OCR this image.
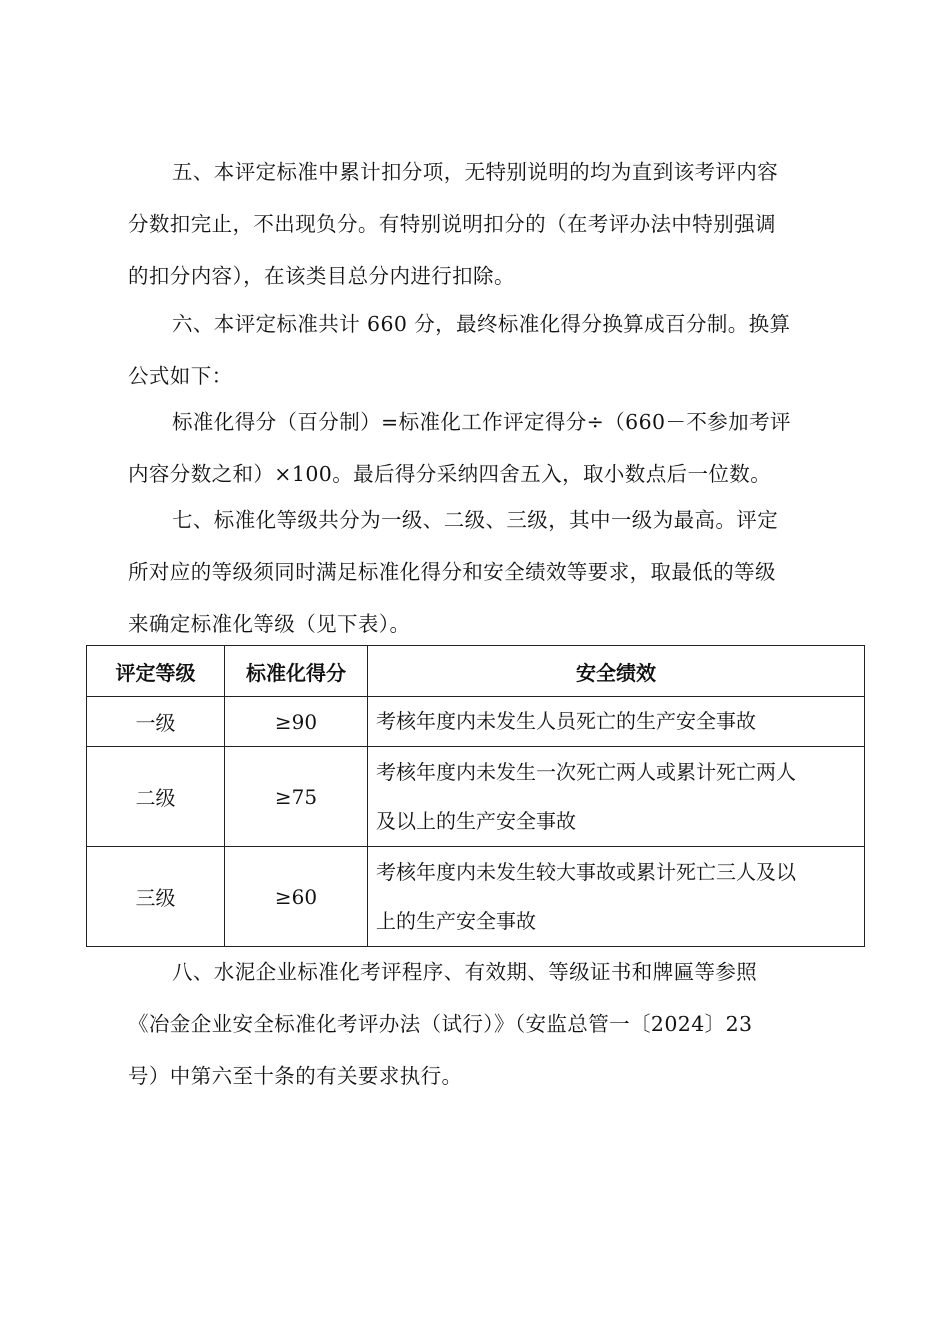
五、本评定标准中累计扣分项，无特别说明的均为直到该考评内容
分数扣完止，不出现负分。有特别说明扣分的（在考评办法中特别强调
的扣分内容），在该类目总分内进行扣除。
六、本评定标准共计 660 分，最终标准化得分换算成百分制。换算
公式如下：
标准化得分（百分制）=标准化工作评定得分÷（660－不参加考评
内容分数之和）×100。最后得分采纳四舍五入，取小数点后一位数。
七、标准化等级共分为一级、二级、三级，其中一级为最高。评定
所对应的等级须同时满足标准化得分和安全绩效等要求，取最低的等级
来确定标准化等级（见下表）。
评定等级	标准化得分	安全绩效
一级	≥90	考核年度内未发生人员死亡的生产安全事故

二级	≥75	考核年度内未发生一次死亡两人或累计死亡两人
及以上的生产安全事故

三级	≥60	考核年度内未发生较大事故或累计死亡三人及以
上的生产安全事故
八、水泥企业标准化考评程序、有效期、等级证书和牌匾等参照
《冶金企业安全标准化考评办法（试行）》（安监总管一〔2024〕23
号）中第六至十条的有关要求执行。
